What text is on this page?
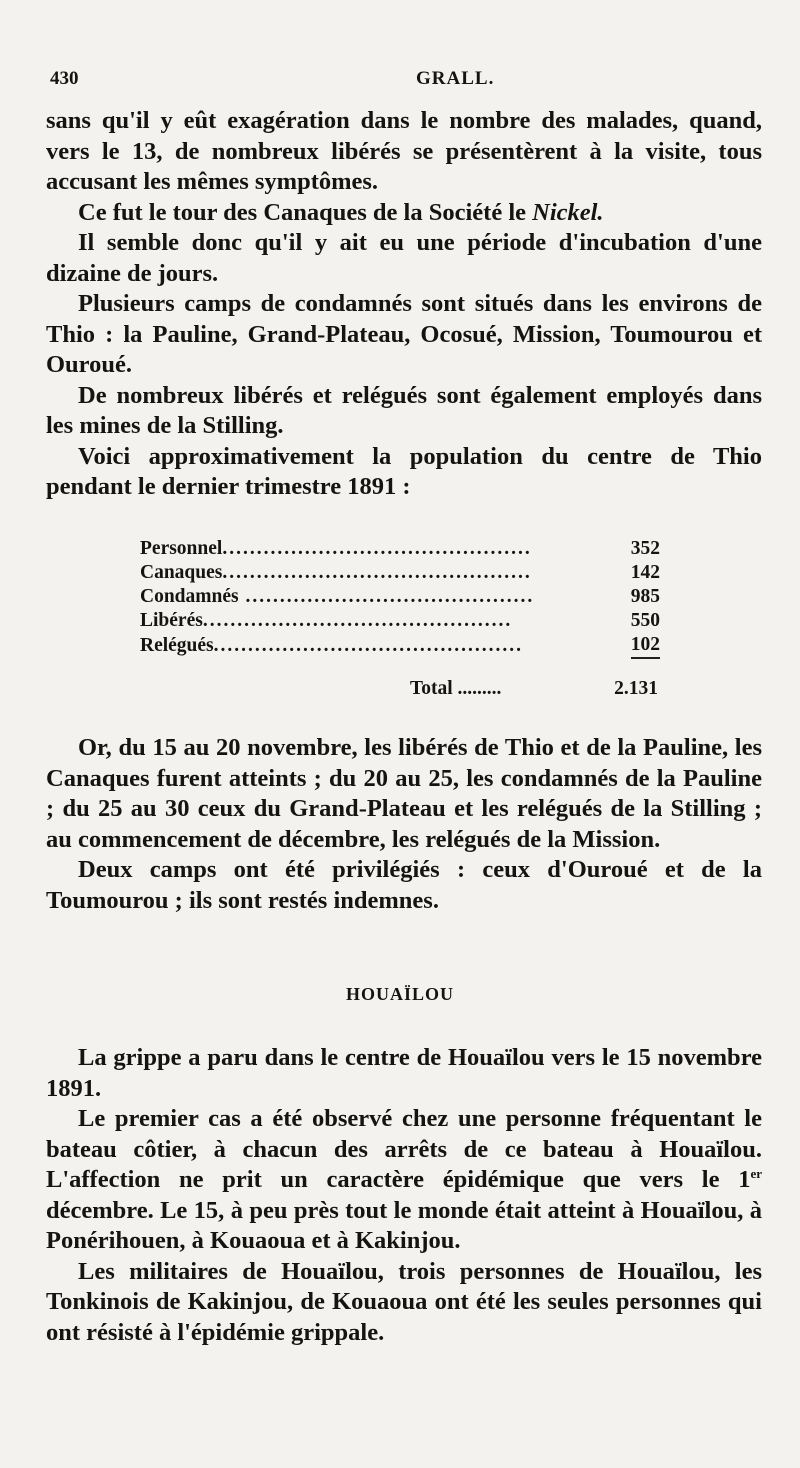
430	GRALL.

sans qu'il y eût exagération dans le nombre des malades, quand, vers le 13, de nombreux libérés se présentèrent à la visite, tous accusant les mêmes symptômes.

Ce fut le tour des Canaques de la Société le Nickel.

Il semble donc qu'il y ait eu une période d'incubation d'une dizaine de jours.

Plusieurs camps de condamnés sont situés dans les environs de Thio : la Pauline, Grand-Plateau, Ocosué, Mission, Toumourou et Ouroué.

De nombreux libérés et relégués sont également employés dans les mines de la Stilling.

Voici approximativement la population du centre de Thio pendant le dernier trimestre 1891 :

Personnel.............................................	352
Canaques.............................................	142
Condamnés ..........................................	985
Libérés.............................................	550
Relégués.............................................	102
Total .........	2.131

Or, du 15 au 20 novembre, les libérés de Thio et de la Pauline, les Canaques furent atteints ; du 20 au 25, les condamnés de la Pauline ; du 25 au 30 ceux du Grand-Plateau et les relégués de la Stilling ; au commencement de décembre, les relégués de la Mission.

Deux camps ont été privilégiés : ceux d'Ouroué et de la Toumourou ; ils sont restés indemnes.

HOUAÏLOU

La grippe a paru dans le centre de Houaïlou vers le 15 novembre 1891.

Le premier cas a été observé chez une personne fréquentant le bateau côtier, à chacun des arrêts de ce bateau à Houaïlou. L'affection ne prit un caractère épidémique que vers le 1er décembre. Le 15, à peu près tout le monde était atteint à Houaïlou, à Ponérihouen, à Kouaoua et à Kakinjou.

Les militaires de Houaïlou, trois personnes de Houaïlou, les Tonkinois de Kakinjou, de Kouaoua ont été les seules personnes qui ont résisté à l'épidémie grippale.
